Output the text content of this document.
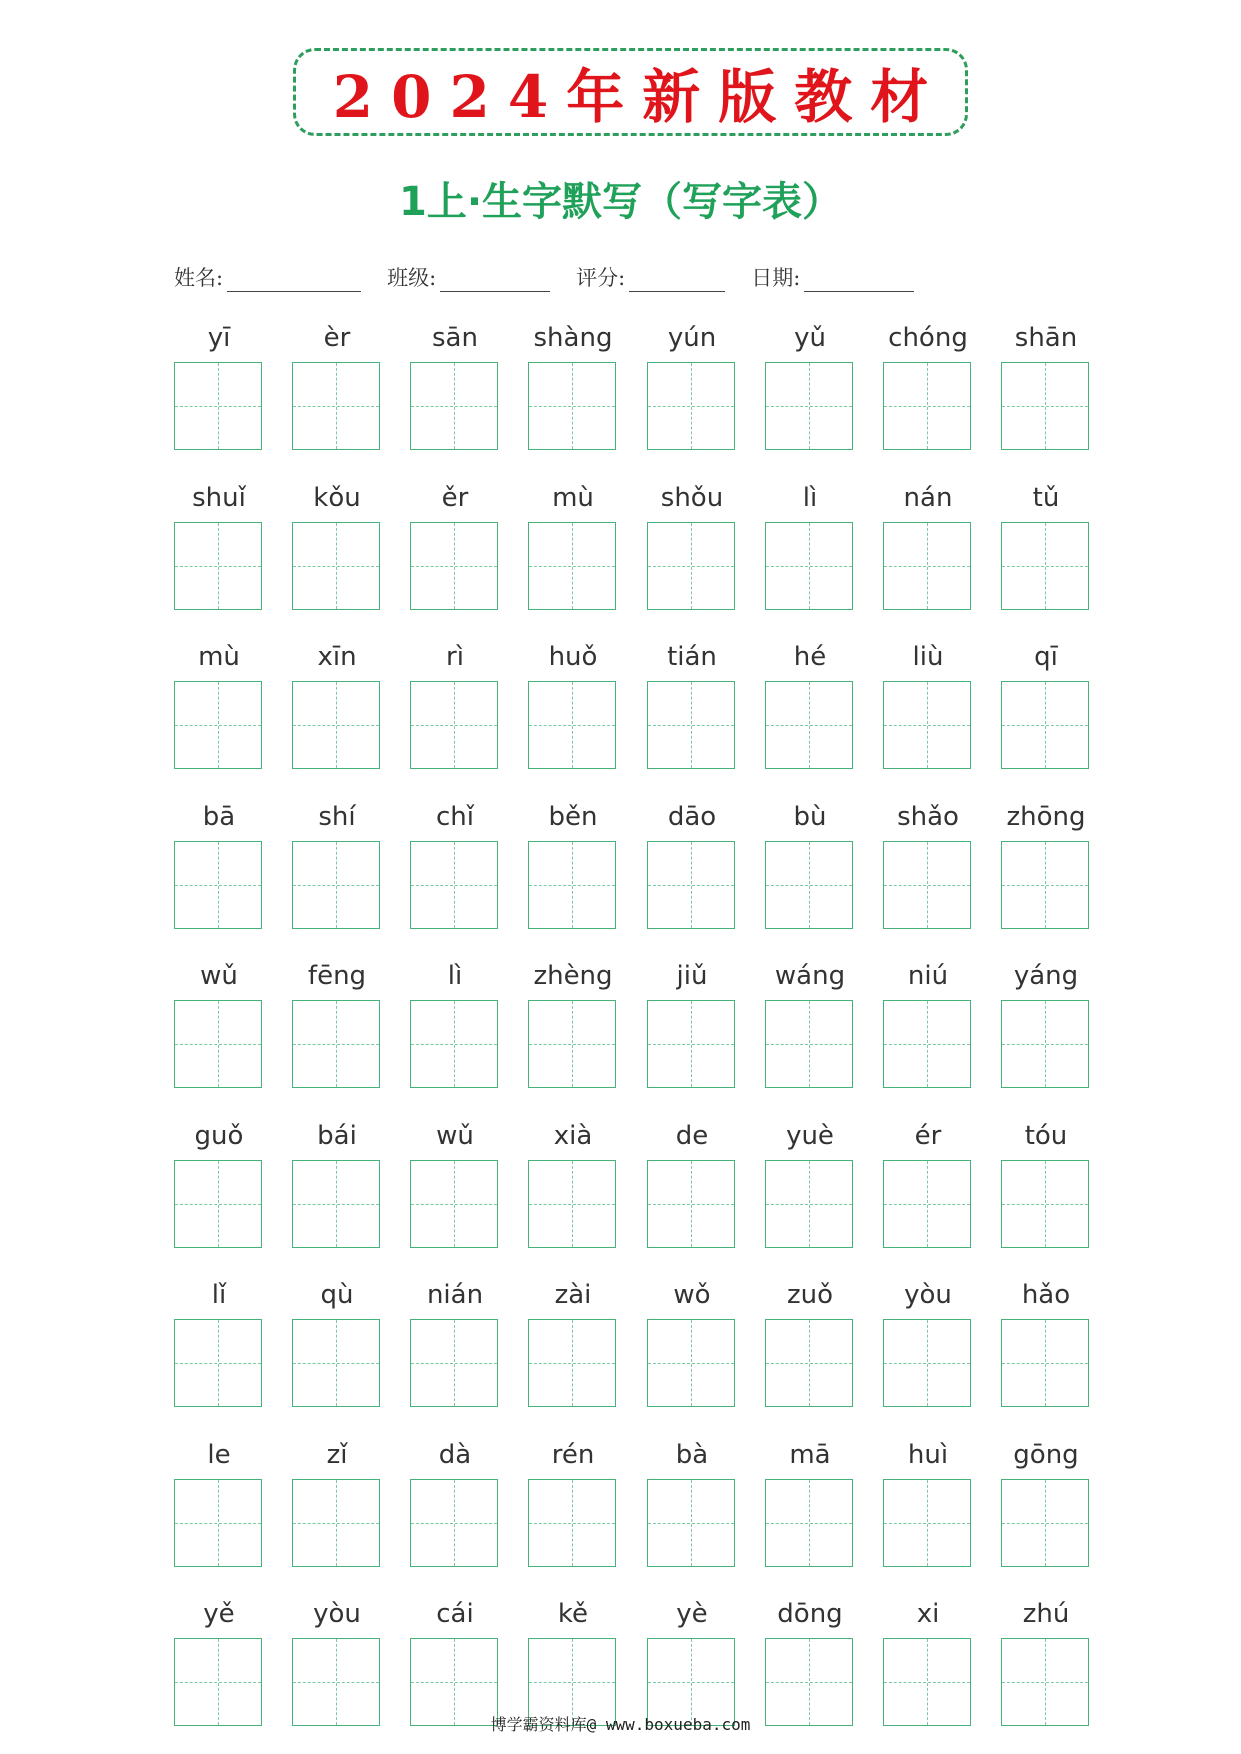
2024年新版教材
1上·生字默写（写字表）
姓名:	班级:	评分:	日期:
yī	èr	sān	shàng	yún	yǔ	chóng	shān
shuǐ	kǒu	ěr	mù	shǒu	lì	nán	tǔ
mù	xīn	rì	huǒ	tián	hé	liù	qī
bā	shí	chǐ	běn	dāo	bù	shǎo	zhōng
wǔ	fēng	lì	zhèng	jiǔ	wáng	niú	yáng
guǒ	bái	wǔ	xià	de	yuè	ér	tóu
lǐ	qù	nián	zài	wǒ	zuǒ	yòu	hǎo
le	zǐ	dà	rén	bà	mā	huì	gōng
yě	yòu	cái	kě	yè	dōng	xi	zhú
博学霸资料库@ www.boxueba.com
